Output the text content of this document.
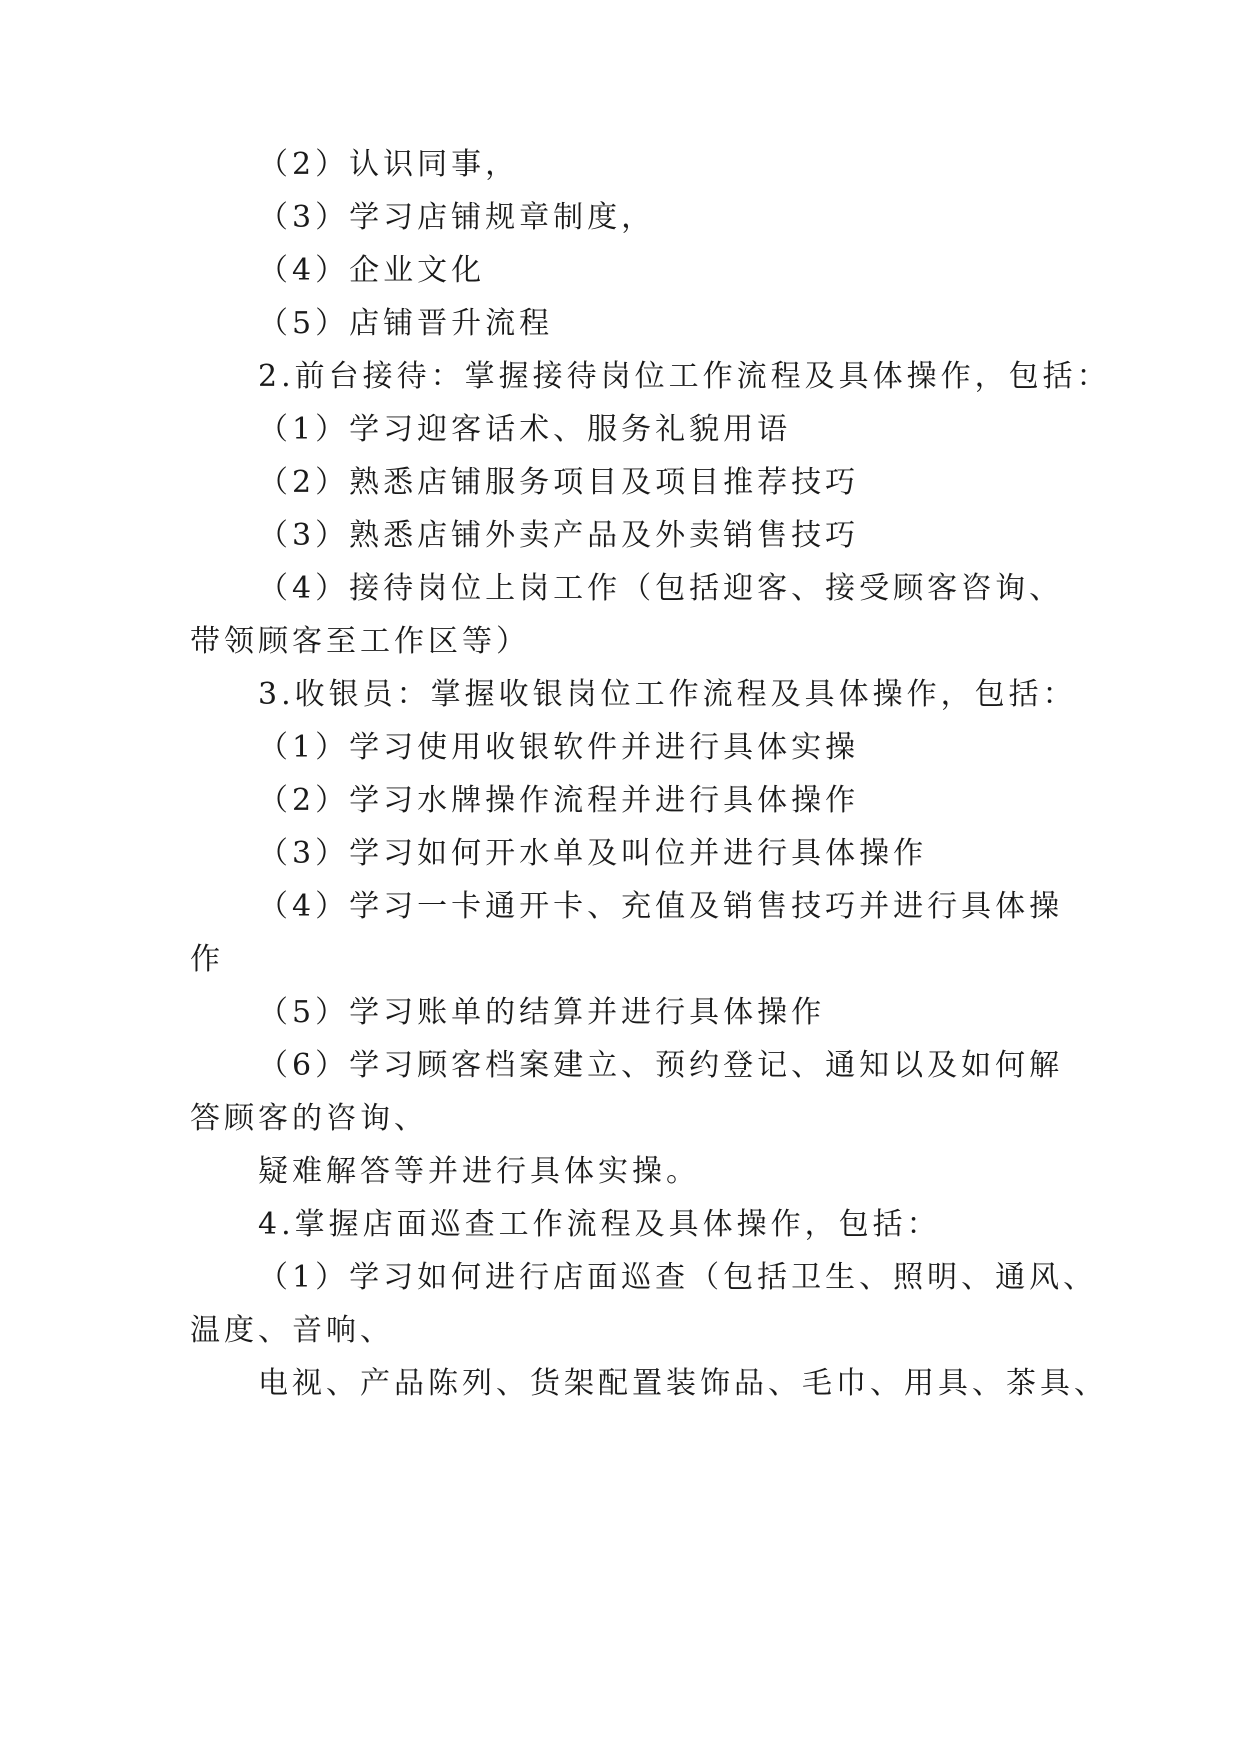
（2）认识同事，
（3）学习店铺规章制度，
（4）企业文化
（5）店铺晋升流程
2.前台接待：掌握接待岗位工作流程及具体操作，包括：
（1）学习迎客话术、服务礼貌用语
（2）熟悉店铺服务项目及项目推荐技巧
（3）熟悉店铺外卖产品及外卖销售技巧
（4）接待岗位上岗工作（包括迎客、接受顾客咨询、
带领顾客至工作区等）
3.收银员：掌握收银岗位工作流程及具体操作，包括：
（1）学习使用收银软件并进行具体实操
（2）学习水牌操作流程并进行具体操作
（3）学习如何开水单及叫位并进行具体操作
（4）学习一卡通开卡、充值及销售技巧并进行具体操
作
（5）学习账单的结算并进行具体操作
（6）学习顾客档案建立、预约登记、通知以及如何解
答顾客的咨询、
疑难解答等并进行具体实操。
4.掌握店面巡查工作流程及具体操作，包括：
（1）学习如何进行店面巡查（包括卫生、照明、通风、
温度、音响、
电视、产品陈列、货架配置装饰品、毛巾、用具、茶具、
